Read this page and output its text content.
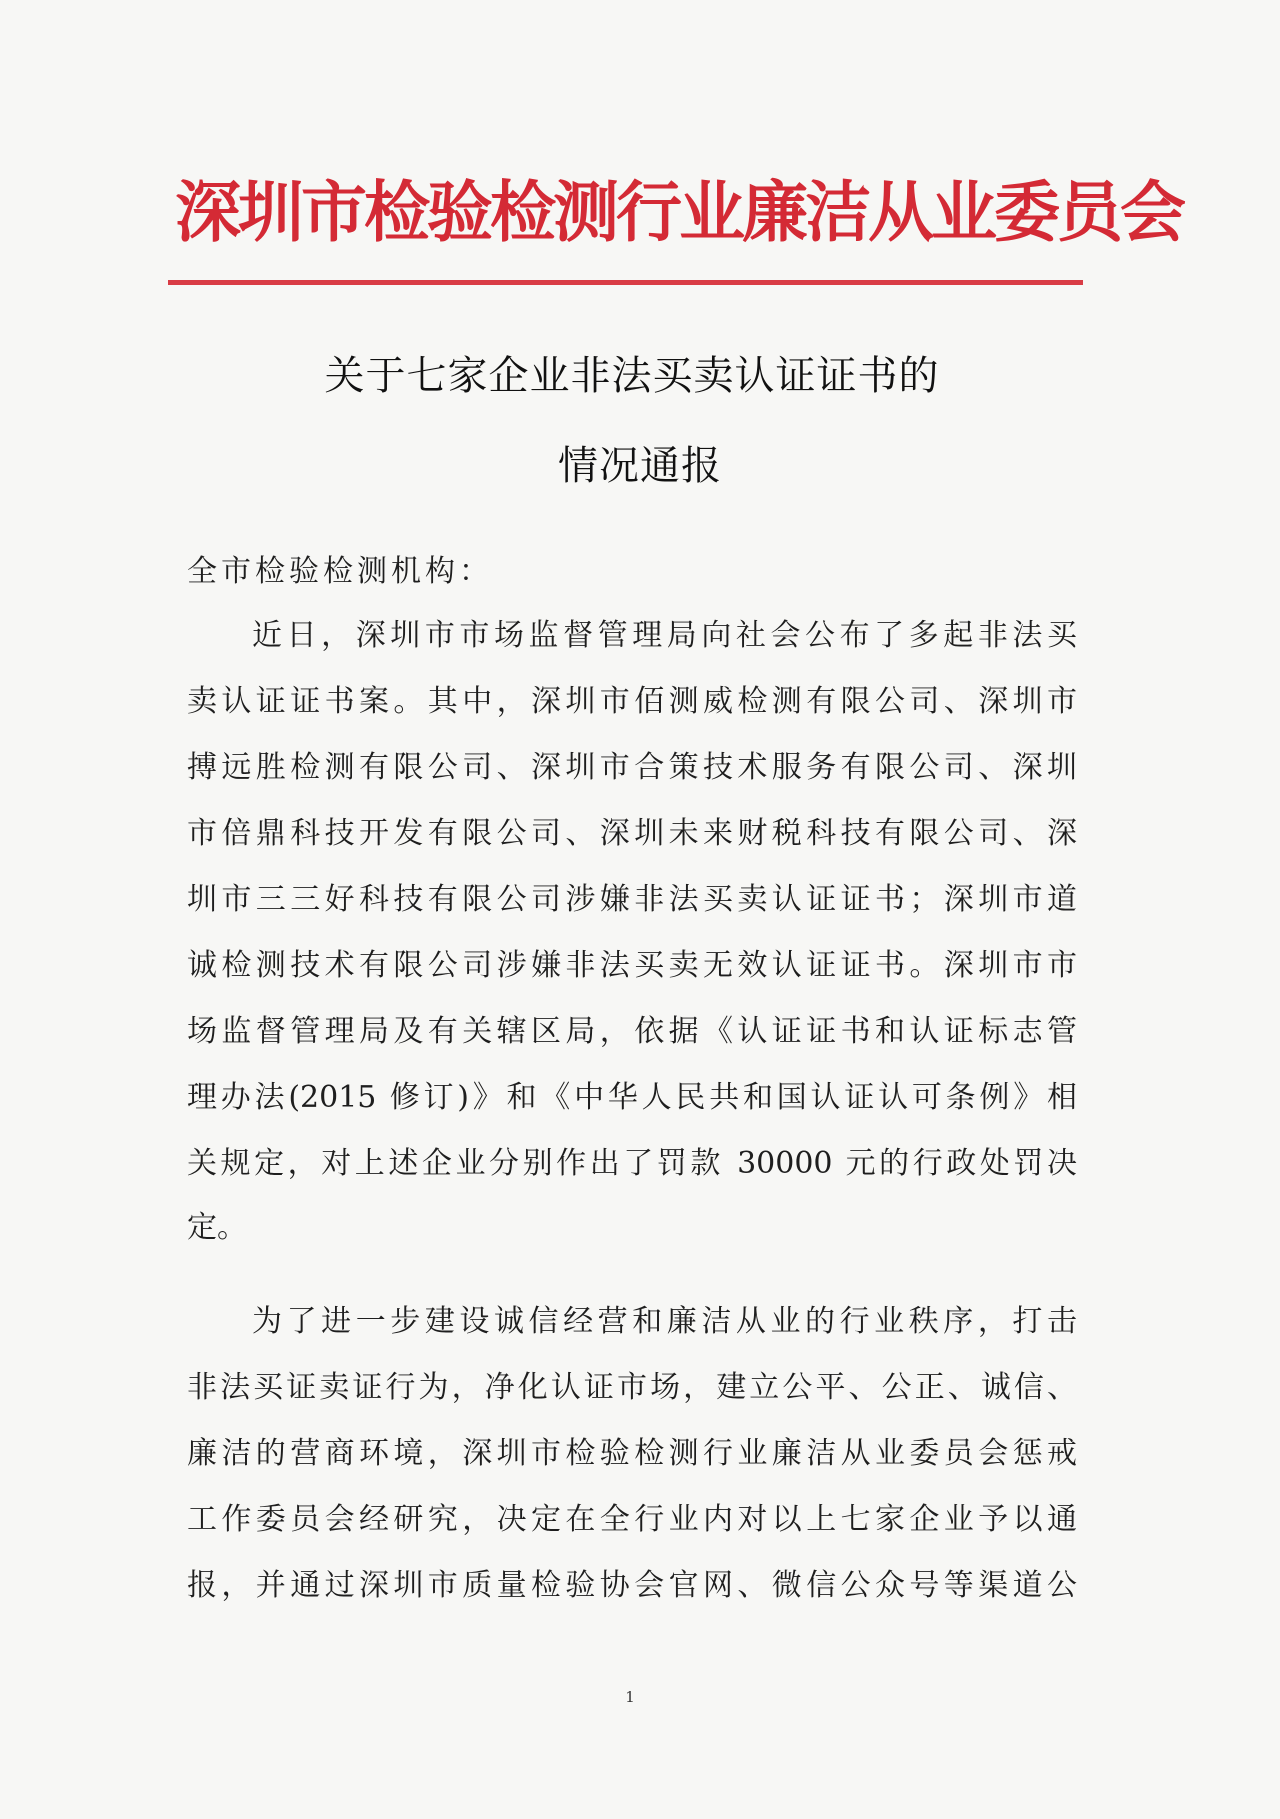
深圳市检验检测行业廉洁从业委员会
关于七家企业非法买卖认证证书的
情况通报
全市检验检测机构：
近日，深圳市市场监督管理局向社会公布了多起非法买
卖认证证书案。其中，深圳市佰测威检测有限公司、深圳市
搏远胜检测有限公司、深圳市合策技术服务有限公司、深圳
市倍鼎科技开发有限公司、深圳未来财税科技有限公司、深
圳市三三好科技有限公司涉嫌非法买卖认证证书；深圳市道
诚检测技术有限公司涉嫌非法买卖无效认证证书。深圳市市
场监督管理局及有关辖区局，依据《认证证书和认证标志管
理办法(2015 修订)》和《中华人民共和国认证认可条例》相
关规定，对上述企业分别作出了罚款 30000 元的行政处罚决
定。
为了进一步建设诚信经营和廉洁从业的行业秩序，打击
非法买证卖证行为，净化认证市场，建立公平、公正、诚信、
廉洁的营商环境，深圳市检验检测行业廉洁从业委员会惩戒
工作委员会经研究，决定在全行业内对以上七家企业予以通
报，并通过深圳市质量检验协会官网、微信公众号等渠道公
1
